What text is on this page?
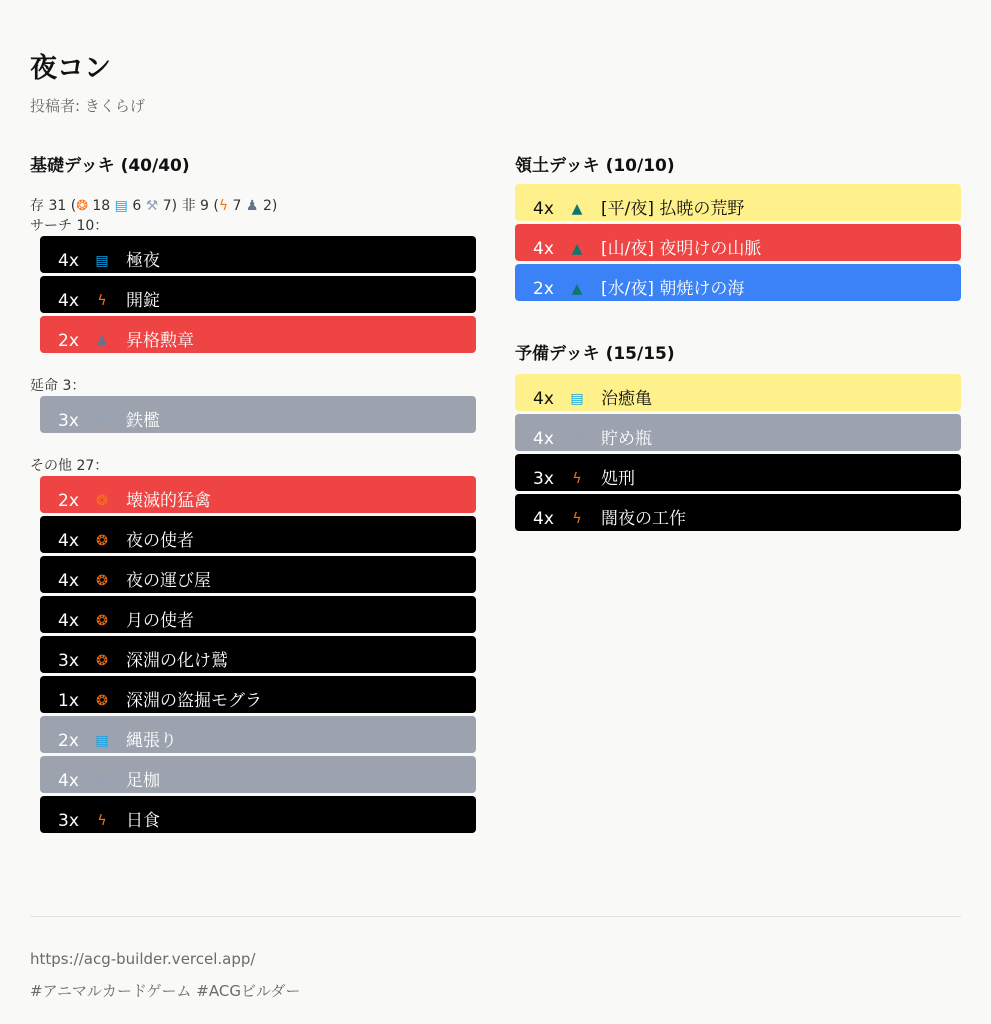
夜コン
投稿者: きくらげ
基礎デッキ (40/40)
存 31 (❂ 18 ▤ 6 ⚒ 7) 非 9 (ϟ 7 ♟ 2)
サーチ 10：
4x	▤ 極夜
4x	ϟ	開錠
2x	♟ 昇格勲章
延命 3：
3x	⚒ 鉄檻
その他 27：
2x	❂ 壊滅的猛禽
4x	❂ 夜の使者
4x	❂ 夜の運び屋
4x	❂ 月の使者
3x	❂ 深淵の化け鷲
1x	❂ 深淵の盗掘モグラ
2x	▤ 縄張り
4x	⚒ 足枷
3x	ϟ	日食
領土デッキ (10/10)
4x	▲ [平/夜] 払暁の荒野
4x	▲ [山/夜] 夜明けの山脈
2x	▲ [水/夜] 朝焼けの海
予備デッキ (15/15)
4x	▤ 治癒亀
4x	⚒ 貯め瓶
3x	ϟ	処刑
4x	ϟ	闇夜の工作
https://acg-builder.vercel.app/
#アニマルカードゲーム #ACGビルダー
